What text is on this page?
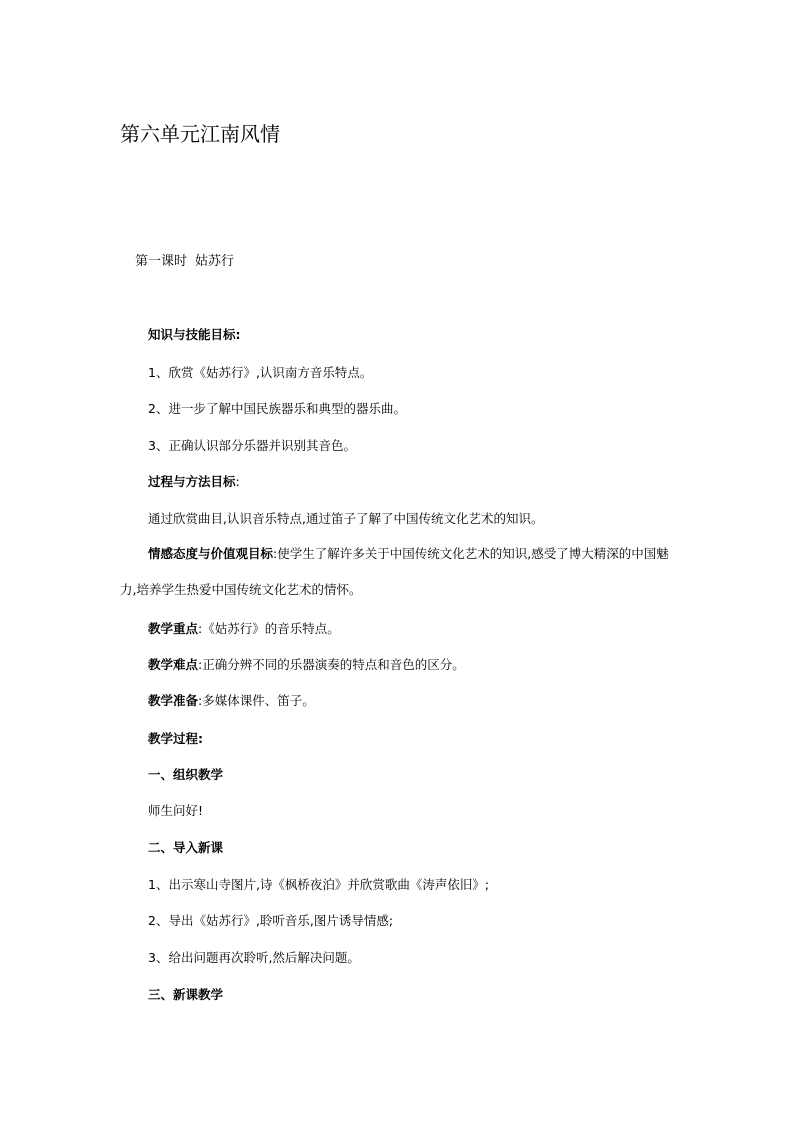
第六单元江南风情
第一课时 姑苏行
知识与技能目标:
1、欣赏《姑苏行》,认识南方音乐特点。
2、进一步了解中国民族器乐和典型的器乐曲。
3、正确认识部分乐器并识别其音色。
过程与方法目标:
通过欣赏曲目,认识音乐特点,通过笛子了解了中国传统文化艺术的知识。

情感态度与价值观目标:使学生了解许多关于中国传统文化艺术的知识,感受了博大精深的中国魅力,培养学生热爱中国传统文化艺术的情怀。

教学重点:《姑苏行》的音乐特点。
教学难点:正确分辨不同的乐器演奏的特点和音色的区分。
教学准备:多媒体课件、笛子。
教学过程:
一、组织教学
师生问好!
二、导入新课
1、出示寒山寺图片,诗《枫桥夜泊》并欣赏歌曲《涛声依旧》;
2、导出《姑苏行》,聆听音乐,图片诱导情感;
3、给出问题再次聆听,然后解决问题。
三、新课教学
